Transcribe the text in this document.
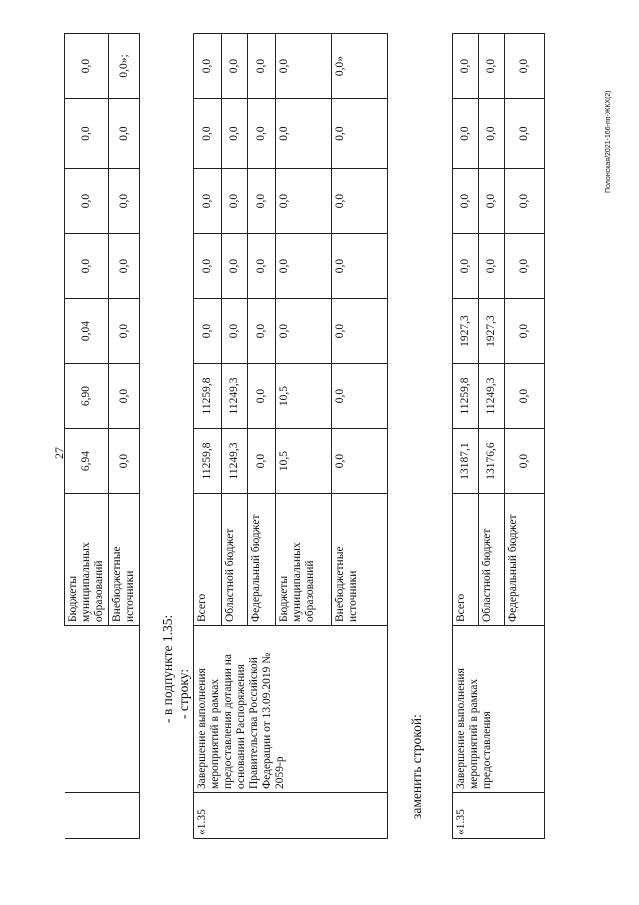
27
Полонская/2021-166-пп-ЖКХ(2)
		Бюджеты муниципальных образований	6,94	6,90	0,04	0,0	0,0	0,0	0,0
		Внебюджетные источники	0,0	0,0	0,0	0,0	0,0	0,0	0,0»;
- в подпункте 1.35: - строку:
«1.35	Завершение выполнения мероприятий в рамках предоставления дотации на основании Распоряжения Правительства Российской Федерации от 13.09.2019 № 2059-р	Всего	11259,8	11259,8	0,0	0,0	0,0	0,0	0,0
		Областной бюджет	11249,3	11249,3	0,0	0,0	0,0	0,0	0,0
		Федеральный бюджет	0,0	0,0	0,0	0,0	0,0	0,0	0,0
		Бюджеты муниципальных образований	10,5	10,5	0,0	0,0	0,0	0,0	0,0
		Внебюджетные источники	0,0	0,0	0,0	0,0	0,0	0,0	0,0»
заменить строкой:
«1.35	Завершение выполнения мероприятий в рамках предоставления	Всего	13187,1	11259,8	1927,3	0,0	0,0	0,0	0,0
		Областной бюджет	13176,6	11249,3	1927,3	0,0	0,0	0,0	0,0
		Федеральный бюджет	0,0	0,0	0,0	0,0	0,0	0,0	0,0
